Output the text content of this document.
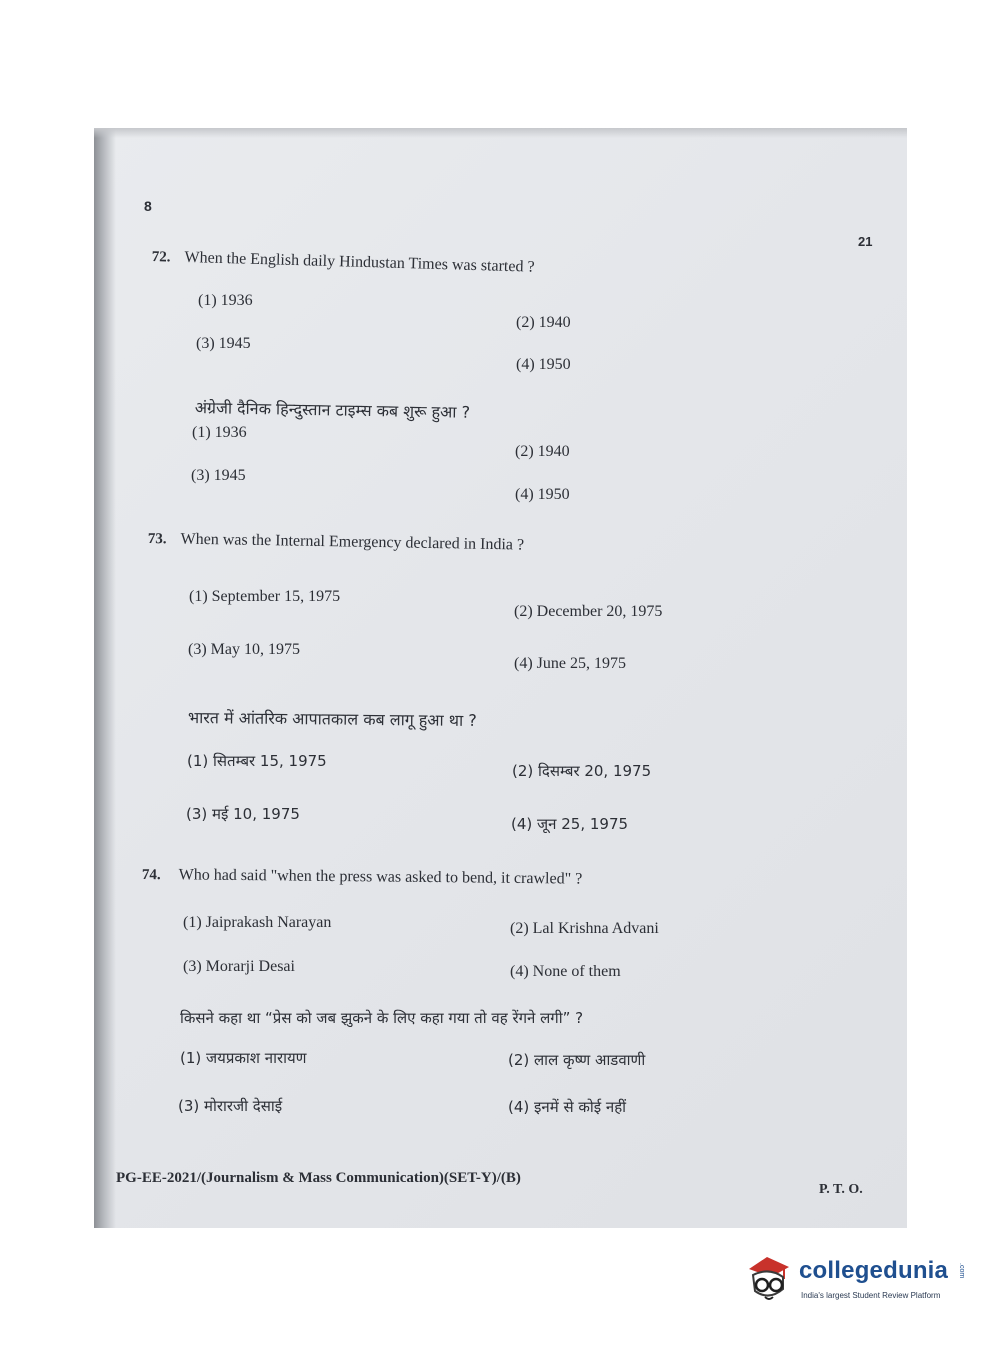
8
21
72. When the English daily Hindustan Times was started ?
(1) 1936
(2) 1940
(3) 1945
(4) 1950
अंग्रेजी दैनिक हिन्दुस्तान टाइम्स कब शुरू हुआ ?
(1) 1936
(2) 1940
(3) 1945
(4) 1950
73. When was the Internal Emergency declared in India ?
(1) September 15, 1975
(2) December 20, 1975
(3) May 10, 1975
(4) June 25, 1975
भारत में आंतरिक आपातकाल कब लागू हुआ था ?
(1) सितम्बर 15, 1975
(2) दिसम्बर 20, 1975
(3) मई 10, 1975
(4) जून 25, 1975
74. Who had said "when the press was asked to bend, it crawled" ?
(1) Jaiprakash Narayan	(2) Lal Krishna Advani
(3) Morarji Desai	(4) None of them
किसने कहा था “प्रेस को जब झुकने के लिए कहा गया तो वह रेंगने लगी” ?
(1) जयप्रकाश नारायण	(2) लाल कृष्ण आडवाणी
(3) मोरारजी देसाई	(4) इनमें से कोई नहीं
PG-EE-2021/(Journalism & Mass Communication)(SET-Y)/(B)
P. T. O.
collegedunia .com
India's largest Student Review Platform
